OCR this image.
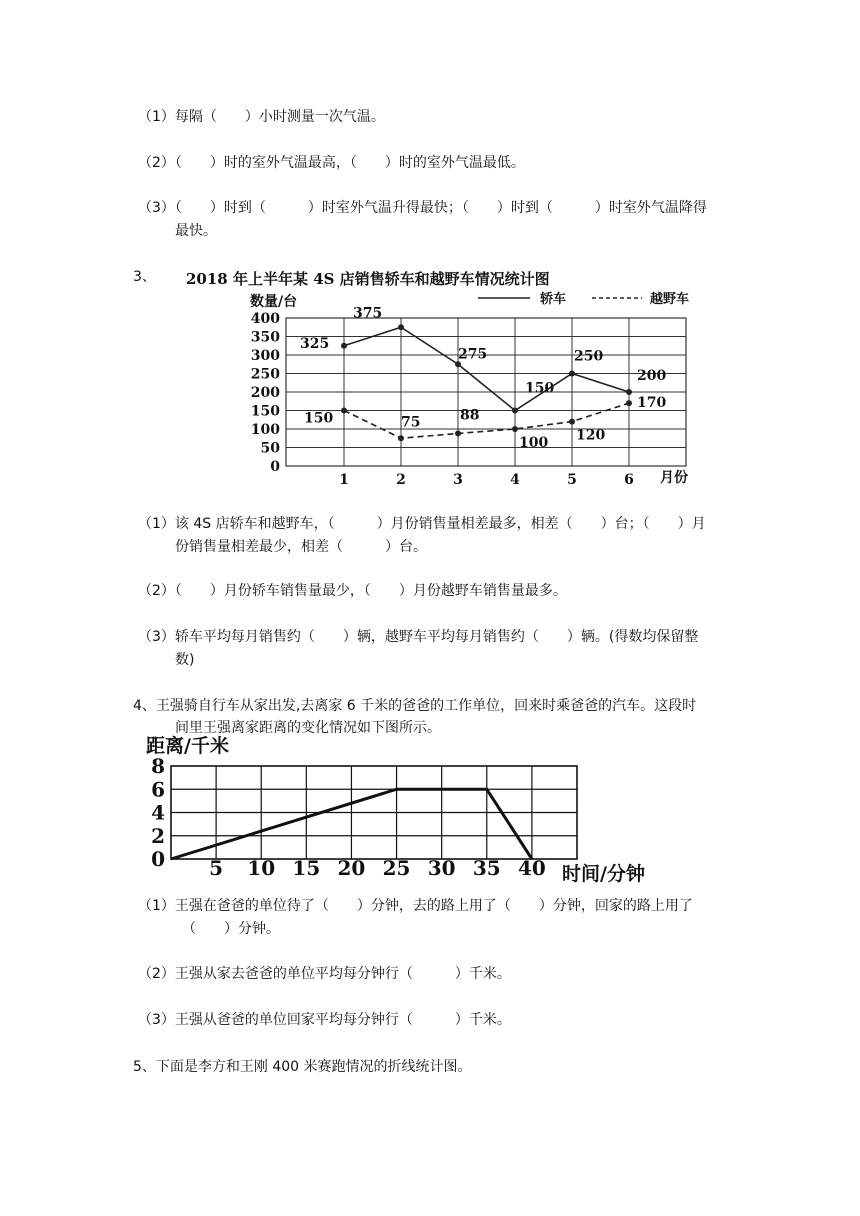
（1）每隔（　　）小时测量一次气温。
（2）（　　）时的室外气温最高，（　　）时的室外气温最低。
（3）（　　）时到（　　　）时室外气温升得最快；（　　）时到（　　　）时室外气温降得
最快。
3、 2018 年上半年某 4S 店销售轿车和越野车情况统计图
数量/台	轿车	越野车
0
50
100
150
200
250
300
350
400
1	2	3	4	5	6
325
375
275
150
250
200
150	75	88
100 120
170
月份
（1）该 4S 店轿车和越野车，（　　　）月份销售量相差最多，相差（　　）台；（　　）月
份销售量相差最少，相差（　　　）台。
（2）（　　）月份轿车销售量最少，（　　）月份越野车销售量最多。
（3）轿车平均每月销售约（　　）辆，越野车平均每月销售约（　　）辆。(得数均保留整
数)
4、王强骑自行车从家出发,去离家 6 千米的爸爸的工作单位，回来时乘爸爸的汽车。这段时
间里王强离家距离的变化情况如下图所示。
距离/千米
0
2
4
6
8
5 10 15 20 25 30 35 40 时间/分钟
（1）王强在爸爸的单位待了（　　）分钟，去的路上用了（　　）分钟，回家的路上用了
（　　）分钟。
（2）王强从家去爸爸的单位平均每分钟行（　　　）千米。
（3）王强从爸爸的单位回家平均每分钟行（　　　）千米。
5、下面是李方和王刚 400 米赛跑情况的折线统计图。
